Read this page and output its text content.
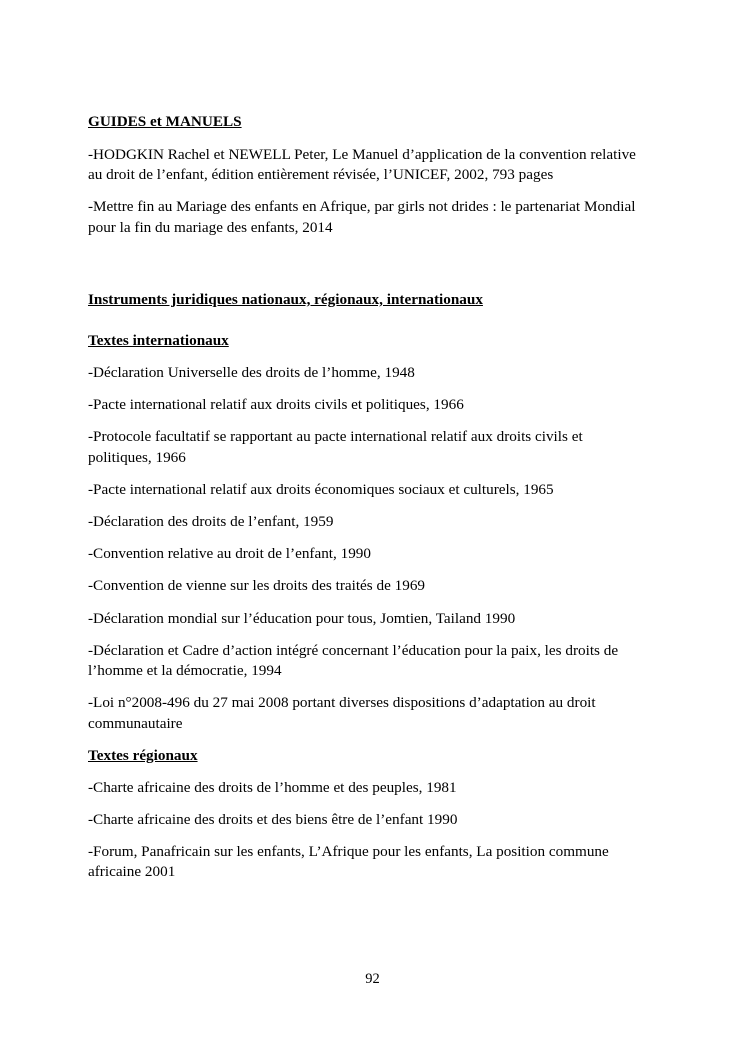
GUIDES et MANUELS
-HODGKIN Rachel et NEWELL Peter, Le Manuel d’application de la convention relative au droit de l’enfant, édition entièrement révisée, l’UNICEF, 2002, 793 pages
-Mettre fin au Mariage des enfants en Afrique, par girls not drides : le partenariat Mondial pour la fin du mariage des enfants, 2014
Instruments juridiques nationaux, régionaux, internationaux
Textes internationaux
-Déclaration Universelle des droits de l’homme, 1948
-Pacte international relatif aux droits civils et politiques, 1966
-Protocole facultatif se rapportant au pacte international relatif aux droits civils et politiques, 1966
-Pacte international relatif aux droits économiques sociaux et culturels, 1965
-Déclaration des droits de l’enfant, 1959
-Convention relative au droit de l’enfant, 1990
-Convention de vienne sur les droits des traités de 1969
-Déclaration mondial sur l’éducation pour tous, Jomtien, Tailand 1990
-Déclaration et Cadre d’action intégré concernant l’éducation pour la paix, les droits de l’homme et la démocratie, 1994
-Loi n°2008-496 du 27 mai 2008 portant diverses dispositions d’adaptation au droit communautaire
Textes régionaux
-Charte africaine des droits de l’homme et des peuples, 1981
-Charte africaine des droits et des biens être de l’enfant 1990
-Forum, Panafricain sur les enfants, L’Afrique pour les enfants, La position commune africaine 2001
92
